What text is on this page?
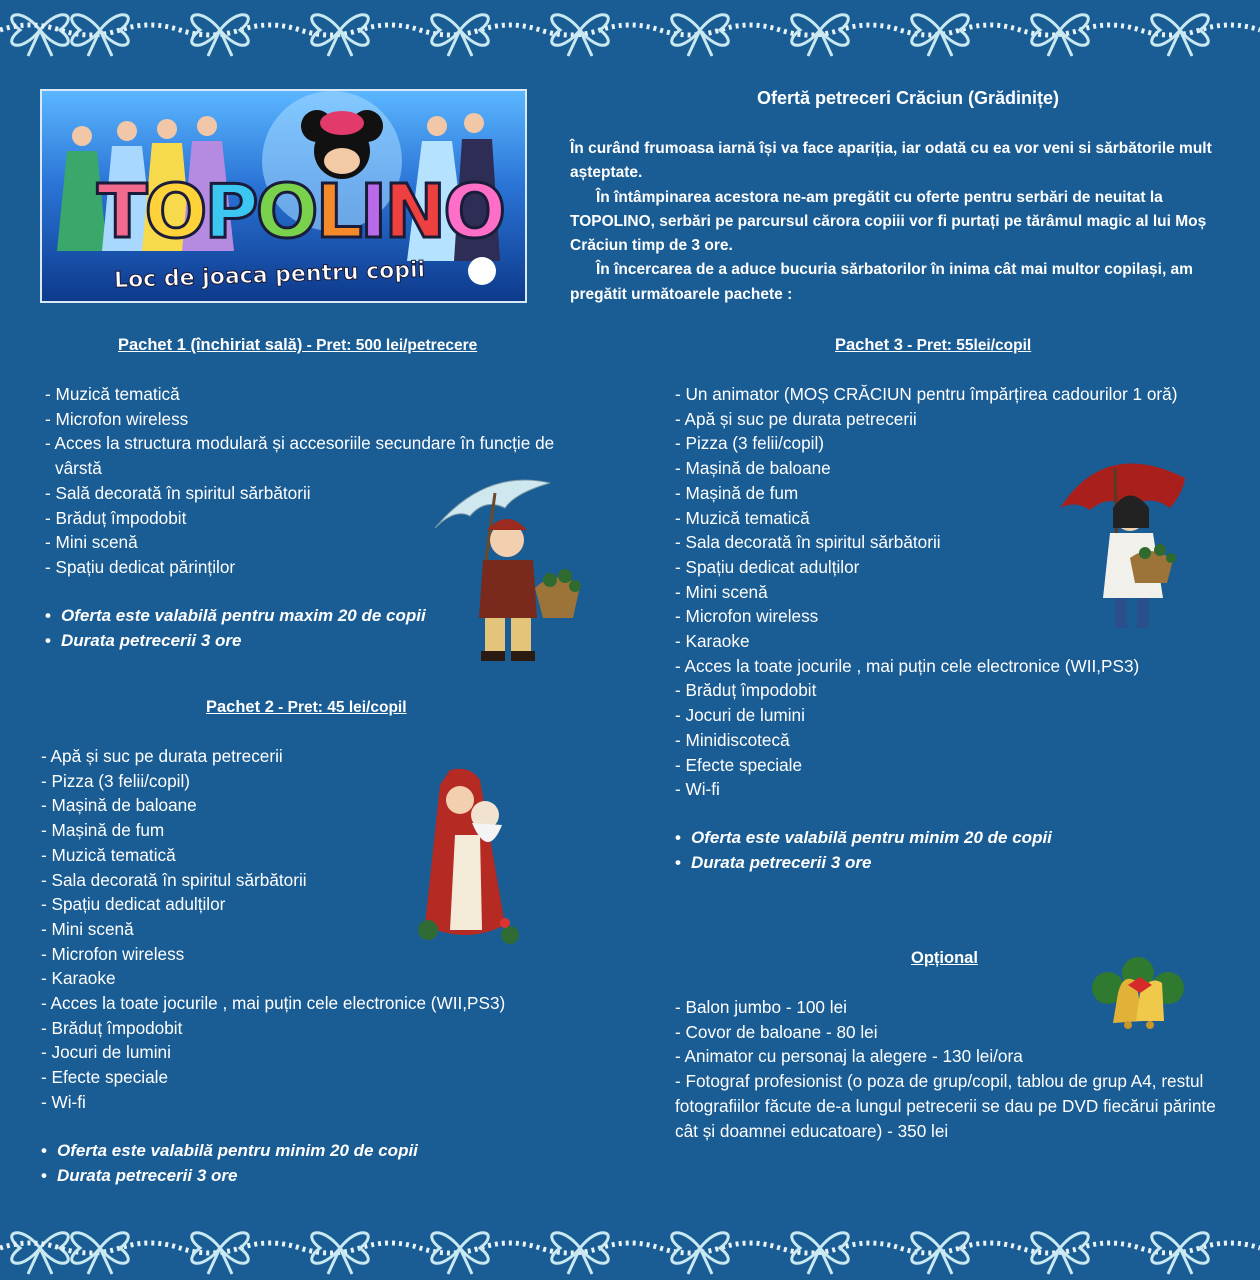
TOPOLINO
Loc de joaca pentru copii
Ofertă petreceri Crăciun (Grădinițe)

În curând frumoasa iarnă își va face apariția, iar odată cu ea vor veni si sărbătorile mult așteptate.

În întâmpinarea acestora ne-am pregătit cu oferte pentru serbări de neuitat la TOPOLINO, serbări pe parcursul cărora copiii vor fi purtați pe tărâmul magic al lui Moș Crăciun timp de 3 ore.

În încercarea de a aduce bucuria sărbatorilor în inima cât mai multor copilași, am pregătit următoarele pachete :

Pachet 1 (închiriat sală) - Pret: 500 lei/petrecere
- Muzică tematică
- Microfon wireless
- Acces la structura modulară și accesoriile secundare în funcție de vârstă
- Sală decorată în spiritul sărbătorii
- Brăduț împodobit
- Mini scenă
- Spațiu dedicat părinților
• Oferta este valabilă pentru maxim 20 de copii
• Durata petrecerii 3 ore
Pachet 2 - Pret: 45 lei/copil
- Apă și suc pe durata petrecerii
- Pizza (3 felii/copil)
- Mașină de baloane
- Mașină de fum
- Muzică tematică
- Sala decorată în spiritul sărbătorii
- Spațiu dedicat adulților
- Mini scenă
- Microfon wireless
- Karaoke
- Acces la toate jocurile , mai puțin cele electronice (WII,PS3)
- Brăduț împodobit
- Jocuri de lumini
- Efecte speciale
- Wi-fi
• Oferta este valabilă pentru minim 20 de copii
• Durata petrecerii 3 ore
Pachet 3 - Pret: 55lei/copil
- Un animator (MOȘ CRĂCIUN pentru împărțirea cadourilor 1 oră)
- Apă și suc pe durata petrecerii
- Pizza (3 felii/copil)
- Mașină de baloane
- Mașină de fum
- Muzică tematică
- Sala decorată în spiritul sărbătorii
- Spațiu dedicat adulților
- Mini scenă
- Microfon wireless
- Karaoke
- Acces la toate jocurile , mai puțin cele electronice (WII,PS3)
- Brăduț împodobit
- Jocuri de lumini
- Minidiscotecă
- Efecte speciale
- Wi-fi
• Oferta este valabilă pentru minim 20 de copii
• Durata petrecerii 3 ore
Opțional
- Balon jumbo - 100 lei
- Covor de baloane - 80 lei
- Animator cu personaj la alegere - 130 lei/ora
- Fotograf profesionist (o poza de grup/copil, tablou de grup A4, restul fotografiilor făcute de-a lungul petrecerii se dau pe DVD fiecărui părinte cât și doamnei educatoare) - 350 lei
